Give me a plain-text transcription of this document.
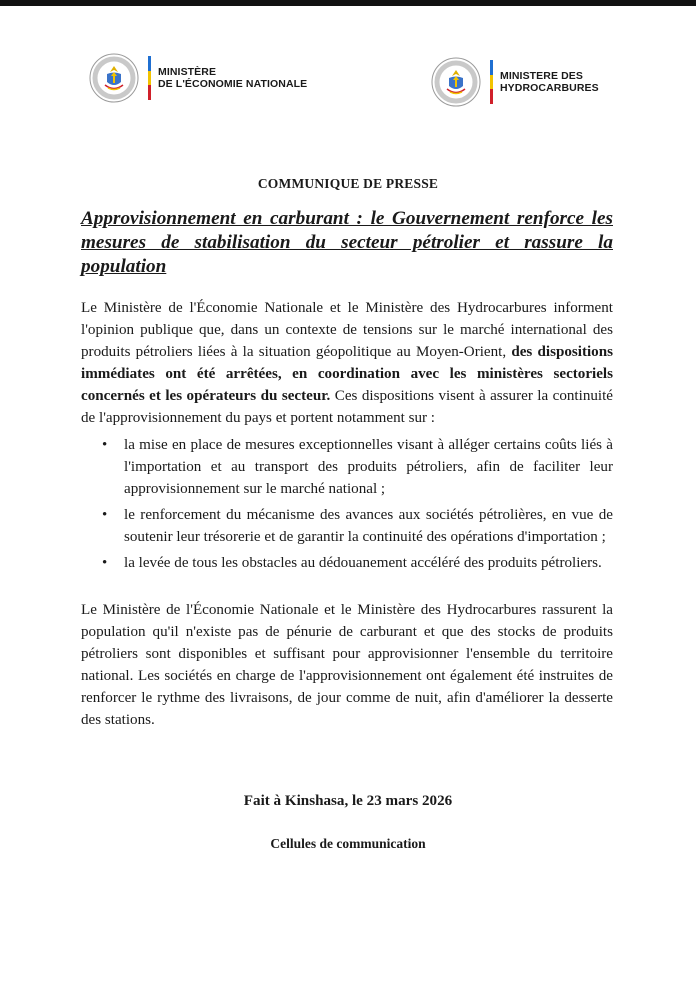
MINISTÈRE
DE L'ÉCONOMIE NATIONALE
MINISTERE DES
HYDROCARBURES
COMMUNIQUE DE PRESSE
Approvisionnement en carburant : le Gouvernement renforce les mesures de stabilisation du secteur pétrolier et rassure la population

Le Ministère de l'Économie Nationale et le Ministère des Hydrocarbures informent l'opinion publique que, dans un contexte de tensions sur le marché international des produits pétroliers liées à la situation géopolitique au Moyen-Orient, des dispositions immédiates ont été arrêtées, en coordination avec les ministères sectoriels concernés et les opérateurs du secteur. Ces dispositions visent à assurer la continuité de l'approvisionnement du pays et portent notamment sur :

• la mise en place de mesures exceptionnelles visant à alléger certains coûts liés à l'importation et au transport des produits pétroliers, afin de faciliter leur approvisionnement sur le marché national ;
• le renforcement du mécanisme des avances aux sociétés pétrolières, en vue de soutenir leur trésorerie et de garantir la continuité des opérations d'importation ;
• la levée de tous les obstacles au dédouanement accéléré des produits pétroliers.

Le Ministère de l'Économie Nationale et le Ministère des Hydrocarbures rassurent la population qu'il n'existe pas de pénurie de carburant et que des stocks de produits pétroliers sont disponibles et suffisant pour approvisionner l'ensemble du territoire national. Les sociétés en charge de l'approvisionnement ont également été instruites de renforcer le rythme des livraisons, de jour comme de nuit, afin d'améliorer la desserte des stations.

Fait à Kinshasa, le 23 mars 2026
Cellules de communication
